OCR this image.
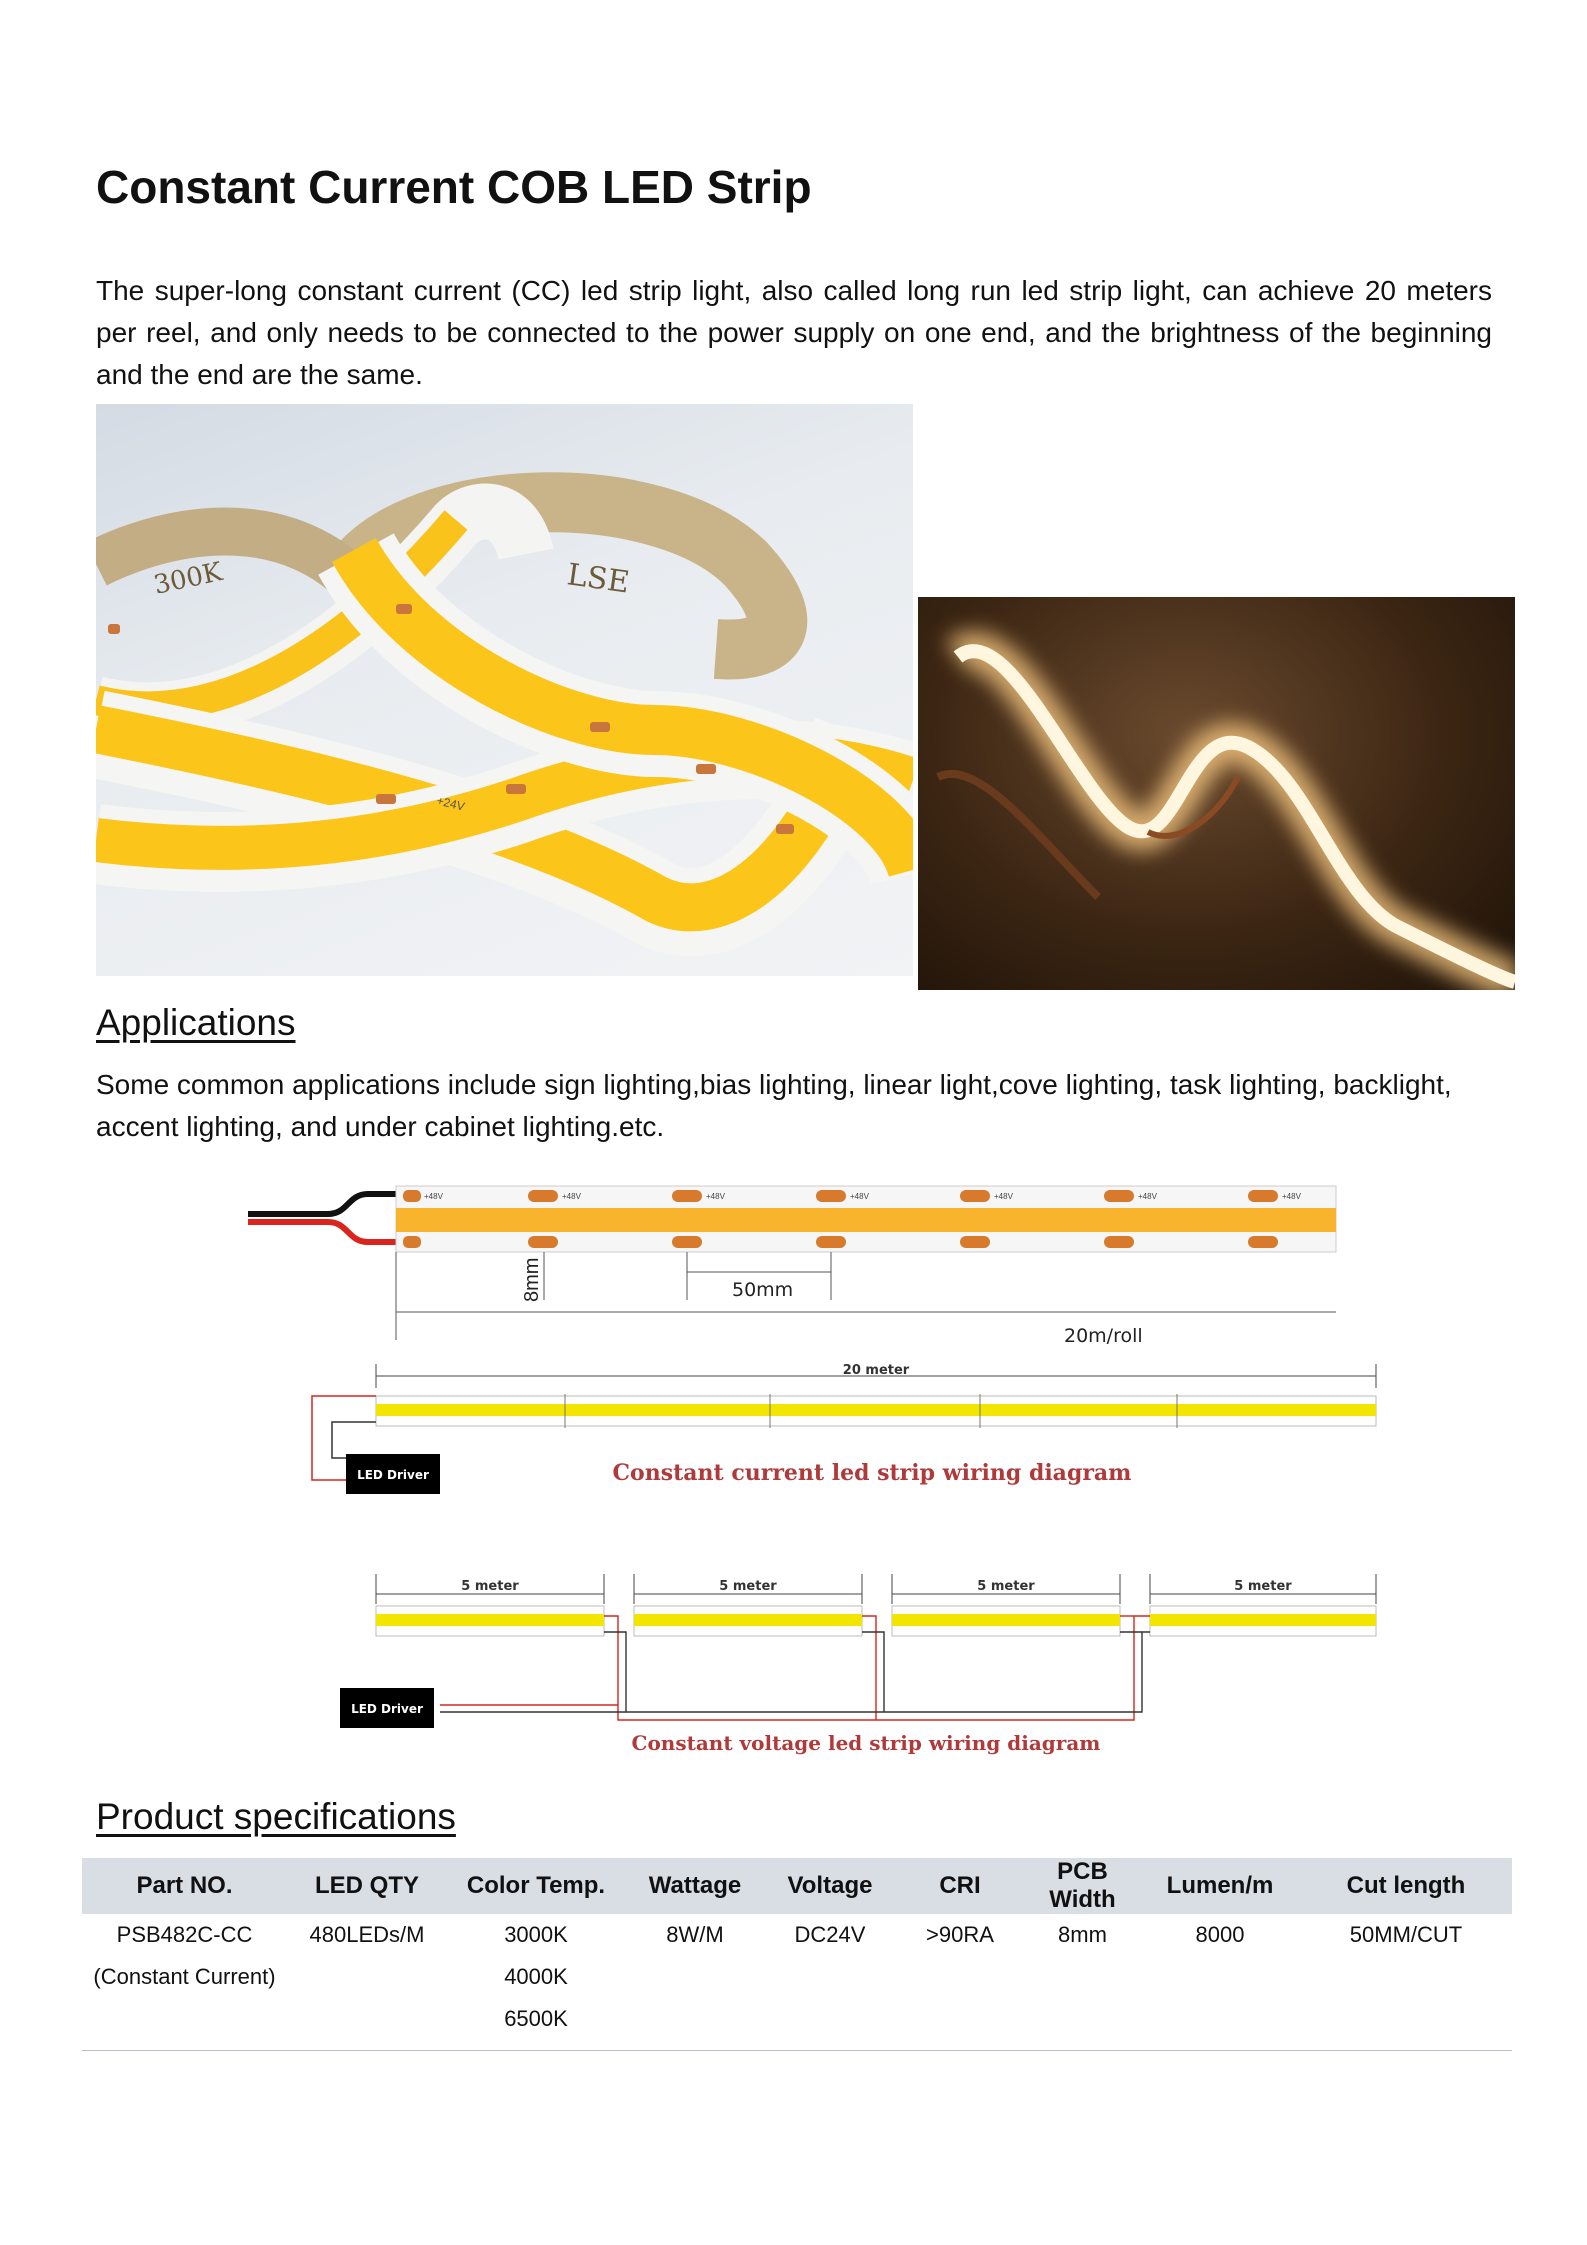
Constant Current COB LED Strip

The super-long constant current (CC) led strip light, also called long run led strip light, can achieve 20 meters per reel, and only needs to be connected to the power supply on one end, and the brightness of the beginning and the end are the same.

300K	LSE
+24V
Applications

Some common applications include sign lighting,bias lighting, linear light,cove lighting, task lighting, backlight, accent lighting, and under cabinet lighting.etc.

+48V	+48V	+48V	+48V	+48V	+48V	+48V
8mm	50mm
20m/roll
20 meter
LED Driver	Constant current led strip wiring diagram
5 meter	5 meter	5 meter	5 meter
LED Driver
Constant voltage led strip wiring diagram
Product specifications
Part NO.	LED QTY	Color Temp.	Wattage	Voltage	CRI	PCB Width	Lumen/m	Cut length
PSB482C-CC	480LEDs/M	3000K	8W/M	DC24V	>90RA	8mm	8000	50MM/CUT
(Constant Current)		4000K						
		6500K						
